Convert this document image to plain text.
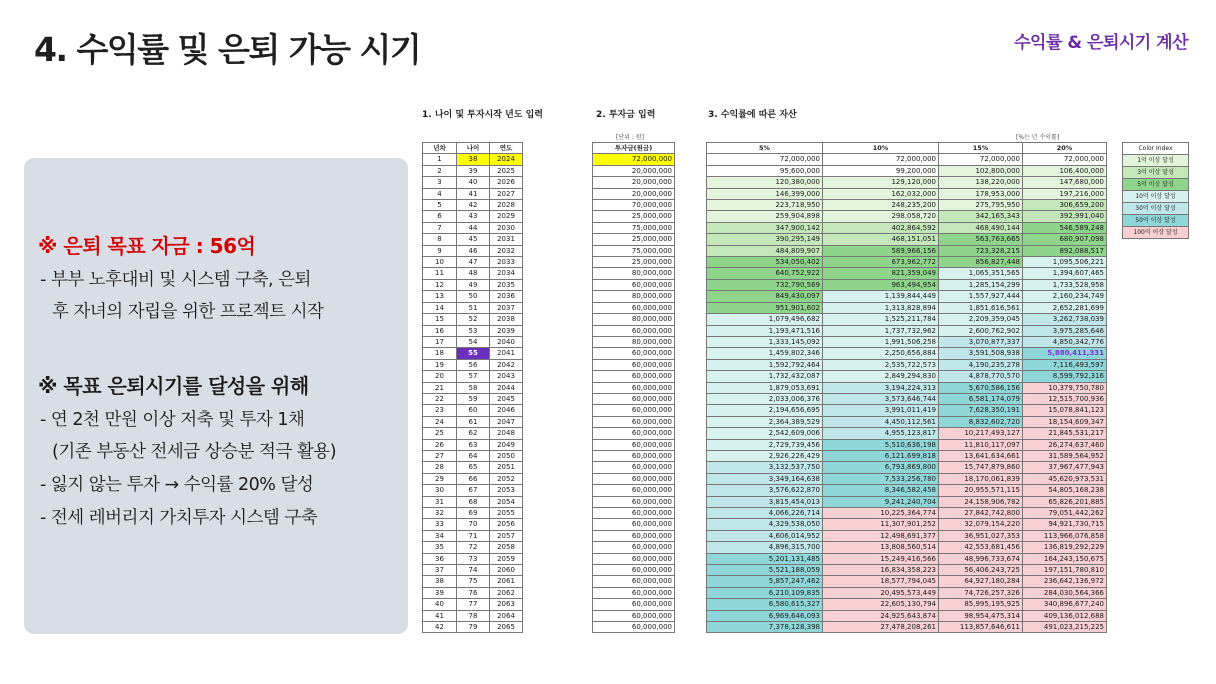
4. 수익률 및 은퇴 가능 시기	수익률 & 은퇴시기 계산
※ 은퇴 목표 자금 : 56억
- 부부 노후대비 및 시스템 구축, 은퇴
후 자녀의 자립을 위한 프로젝트 시작
※ 목표 은퇴시기를 달성을 위해
- 연 2천 만원 이상 저축 및 투자 1채
(기존 부동산 전세금 상승분 적극 활용)
- 잃지 않는 투자 → 수익률 20% 달성
- 전세 레버리지 가치투자 시스템 구축
1. 나이 및 투자시작 년도 입력	2. 투자금 입력	3. 수익률에 따른 자산
[단위 : 원]	[%는 년 수익률]
년차	나이	연도
1	38	2024
2	39	2025
3	40	2026
4	41	2027
5	42	2028
6	43	2029
7	44	2030
8	45	2031
9	46	2032
10	47	2033
11	48	2034
12	49	2035
13	50	2036
14	51	2037
15	52	2038
16	53	2039
17	54	2040
18	55	2041
19	56	2042
20	57	2043
21	58	2044
22	59	2045
23	60	2046
24	61	2047
25	62	2048
26	63	2049
27	64	2050
28	65	2051
29	66	2052
30	67	2053
31	68	2054
32	69	2055
33	70	2056
34	71	2057
35	72	2058
36	73	2059
37	74	2060
38	75	2061
39	76	2062
40	77	2063
41	78	2064
42	79	2065
투자금(원금)
72,000,000
20,000,000
20,000,000
20,000,000
70,000,000
25,000,000
75,000,000
25,000,000
75,000,000
25,000,000
80,000,000
60,000,000
80,000,000
60,000,000
80,000,000
60,000,000
80,000,000
60,000,000
60,000,000
60,000,000
60,000,000
60,000,000
60,000,000
60,000,000
60,000,000
60,000,000
60,000,000
60,000,000
60,000,000
60,000,000
60,000,000
60,000,000
60,000,000
60,000,000
60,000,000
60,000,000
60,000,000
60,000,000
60,000,000
60,000,000
60,000,000
60,000,000
5%	10%	15%	20%
72,000,000	72,000,000	72,000,000	72,000,000
95,600,000	99,200,000	102,800,000	106,400,000
120,380,000	129,120,000	138,220,000	147,680,000
146,399,000	162,032,000	178,953,000	197,216,000
223,718,950	248,235,200	275,795,950	306,659,200
259,904,898	298,058,720	342,165,343	392,991,040
347,900,142	402,864,592	468,490,144	546,589,248
390,295,149	468,151,051	563,763,665	680,907,098
484,809,907	589,966,156	723,328,215	892,088,517
534,050,402	673,962,772	856,827,448	1,095,506,221
640,752,922	821,359,049	1,065,351,565	1,394,607,465
732,790,569	963,494,954	1,285,154,299	1,733,528,958
849,430,097	1,139,844,449	1,557,927,444	2,160,234,749
951,901,602	1,313,828,894	1,851,616,561	2,652,281,699
1,079,496,682	1,525,211,784	2,209,359,045	3,262,738,039
1,193,471,516	1,737,732,962	2,600,762,902	3,975,285,646
1,333,145,092	1,991,506,258	3,070,877,337	4,850,342,776
1,459,802,346	2,250,656,884	3,591,508,938	5,880,411,331
1,592,792,464	2,535,722,573	4,190,235,278	7,116,493,597
1,732,432,087	2,849,294,830	4,878,770,570	8,599,792,316
1,879,053,691	3,194,224,313	5,670,586,156	10,379,750,780
2,033,006,376	3,573,646,744	6,581,174,079	12,515,700,936
2,194,656,695	3,991,011,419	7,628,350,191	15,078,841,123
2,364,389,529	4,450,112,561	8,832,602,720	18,154,609,347
2,542,609,006	4,955,123,817	10,217,493,127	21,845,531,217
2,729,739,456	5,510,636,198	11,810,117,097	26,274,637,460
2,926,226,429	6,121,699,818	13,641,634,661	31,589,564,952
3,132,537,750	6,793,869,800	15,747,879,860	37,967,477,943
3,349,164,638	7,533,256,780	18,170,061,839	45,620,973,531
3,576,622,870	8,346,582,458	20,955,571,115	54,805,168,238
3,815,454,013	9,241,240,704	24,158,906,782	65,826,201,885
4,066,226,714	10,225,364,774	27,842,742,800	79,051,442,262
4,329,538,050	11,307,901,252	32,079,154,220	94,921,730,715
4,606,014,952	12,498,691,377	36,951,027,353	113,966,076,858
4,896,315,700	13,808,560,514	42,553,681,456	136,819,292,229
5,201,131,485	15,249,416,566	48,996,733,674	164,243,150,675
5,521,188,059	16,834,358,223	56,406,243,725	197,151,780,810
5,857,247,462	18,577,794,045	64,927,180,284	236,642,136,972
6,210,109,835	20,495,573,449	74,726,257,326	284,030,564,366
6,580,615,327	22,605,130,794	85,995,195,925	340,896,677,240
6,969,646,093	24,925,643,874	98,954,475,314	409,136,012,688
7,378,128,398	27,478,208,261	113,857,646,611	491,023,215,225
Color Index
1억 이상 달성
3억 이상 달성
5억 이상 달성
10억 이상 달성
30억 이상 달성
50억 이상 달성
100억 이상 달성
